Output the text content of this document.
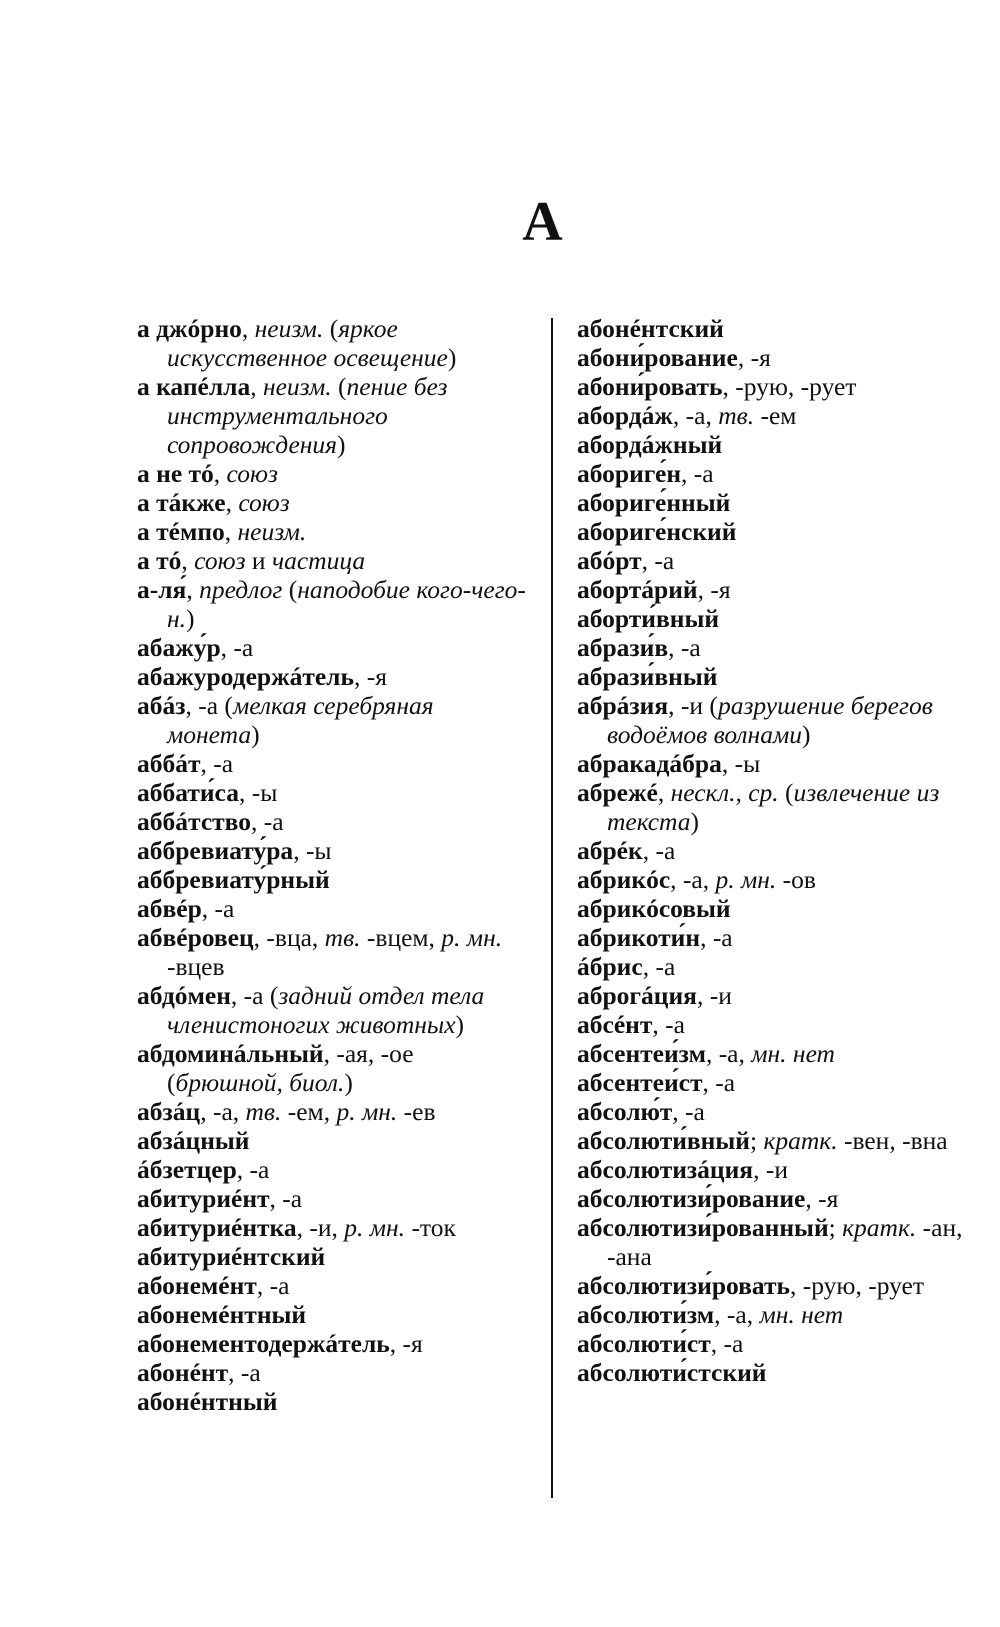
А

а джóрно, неизм. (яркое искусственное освещение)

а капéлла, неизм. (пение без инструментального сопровождения)

а не тó, союз

а тáкже, союз

а тéмпо, неизм.

а тó, союз и частица

а-ля́, предлог (наподобие кого-чего-н.)

абажу́р, -а

абажуродержáтель, -я

абáз, -а (мелкая серебряная монета)

аббáт, -а

аббати́са, -ы

аббáтство, -а

аббревиату́ра, -ы

аббревиату́рный

абвéр, -а

абвéровец, -вца, тв. -вцем, р. мн. -вцев

абдóмен, -а (задний отдел тела членистоногих животных)

абдоминáльный, -ая, -ое (брюшной, биол.)

абзáц, -а, тв. -ем, р. мн. -ев

абзáцный

áбзетцер, -а

абитуриéнт, -а

абитуриéнтка, -и, р. мн. -ток

абитуриéнтский

абонемéнт, -а

абонемéнтный

абонементодержáтель, -я

абонéнт, -а

абонéнтный

абонéнтский

абони́рование, -я

абони́ровать, -рую, -рует

абордáж, -а, тв. -ем

абордáжный

абориге́н, -а

абориге́нный

абориге́нский

абóрт, -а

абортáрий, -я

аборти́вный

абрази́в, -а

абрази́вный

абрáзия, -и (разрушение берегов водоёмов волнами)

абракадáбра, -ы

абрежé, нескл., ср. (извлечение из текста)

абрéк, -а

абрикóс, -а, р. мн. -ов

абрикóсовый

абрикоти́н, -а

áбрис, -а

аброгáция, -и

абсéнт, -а

абсентеи́зм, -а, мн. нет

абсентеи́ст, -а

абсолю́т, -а

абсолюти́вный; кратк. -вен, -вна

абсолютизáция, -и

абсолютизи́рование, -я

абсолютизи́рованный; кратк. -ан, -ана

абсолютизи́ровать, -рую, -рует

абсолюти́зм, -а, мн. нет

абсолюти́ст, -а

абсолюти́стский
